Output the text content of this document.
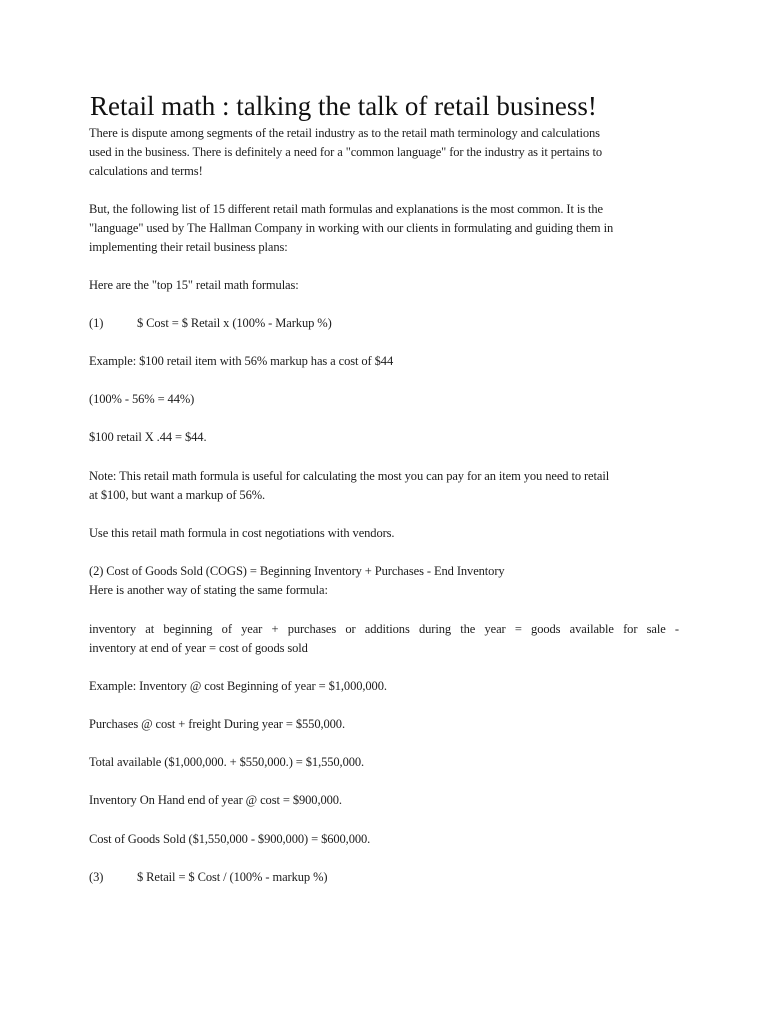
Retail math : talking the talk of retail business!

There is dispute among segments of the retail industry as to the retail math terminology and calculations

used in the business. There is definitely a need for a "common language" for the industry as it pertains to

calculations and terms!

But, the following list of 15 different retail math formulas and explanations is the most common. It is the

"language" used by The Hallman Company in working with our clients in formulating and guiding them in

implementing their retail business plans:

Here are the "top 15" retail math formulas:

(1)	$ Cost = $ Retail x (100% - Markup %)

Example: $100 retail item with 56% markup has a cost of $44

(100% - 56% = 44%)

$100 retail X .44 = $44.

Note: This retail math formula is useful for calculating the most you can pay for an item you need to retail

at $100, but want a markup of 56%.

Use this retail math formula in cost negotiations with vendors.

(2) Cost of Goods Sold (COGS) = Beginning Inventory + Purchases - End Inventory

Here is another way of stating the same formula:

inventory at beginning of year + purchases or additions during the year = goods available for sale -

inventory at end of year = cost of goods sold

Example: Inventory @ cost Beginning of year = $1,000,000.

Purchases @ cost + freight During year = $550,000.

Total available ($1,000,000. + $550,000.) = $1,550,000.

Inventory On Hand end of year @ cost = $900,000.

Cost of Goods Sold ($1,550,000 - $900,000) = $600,000.

(3)	$ Retail = $ Cost / (100% - markup %)
